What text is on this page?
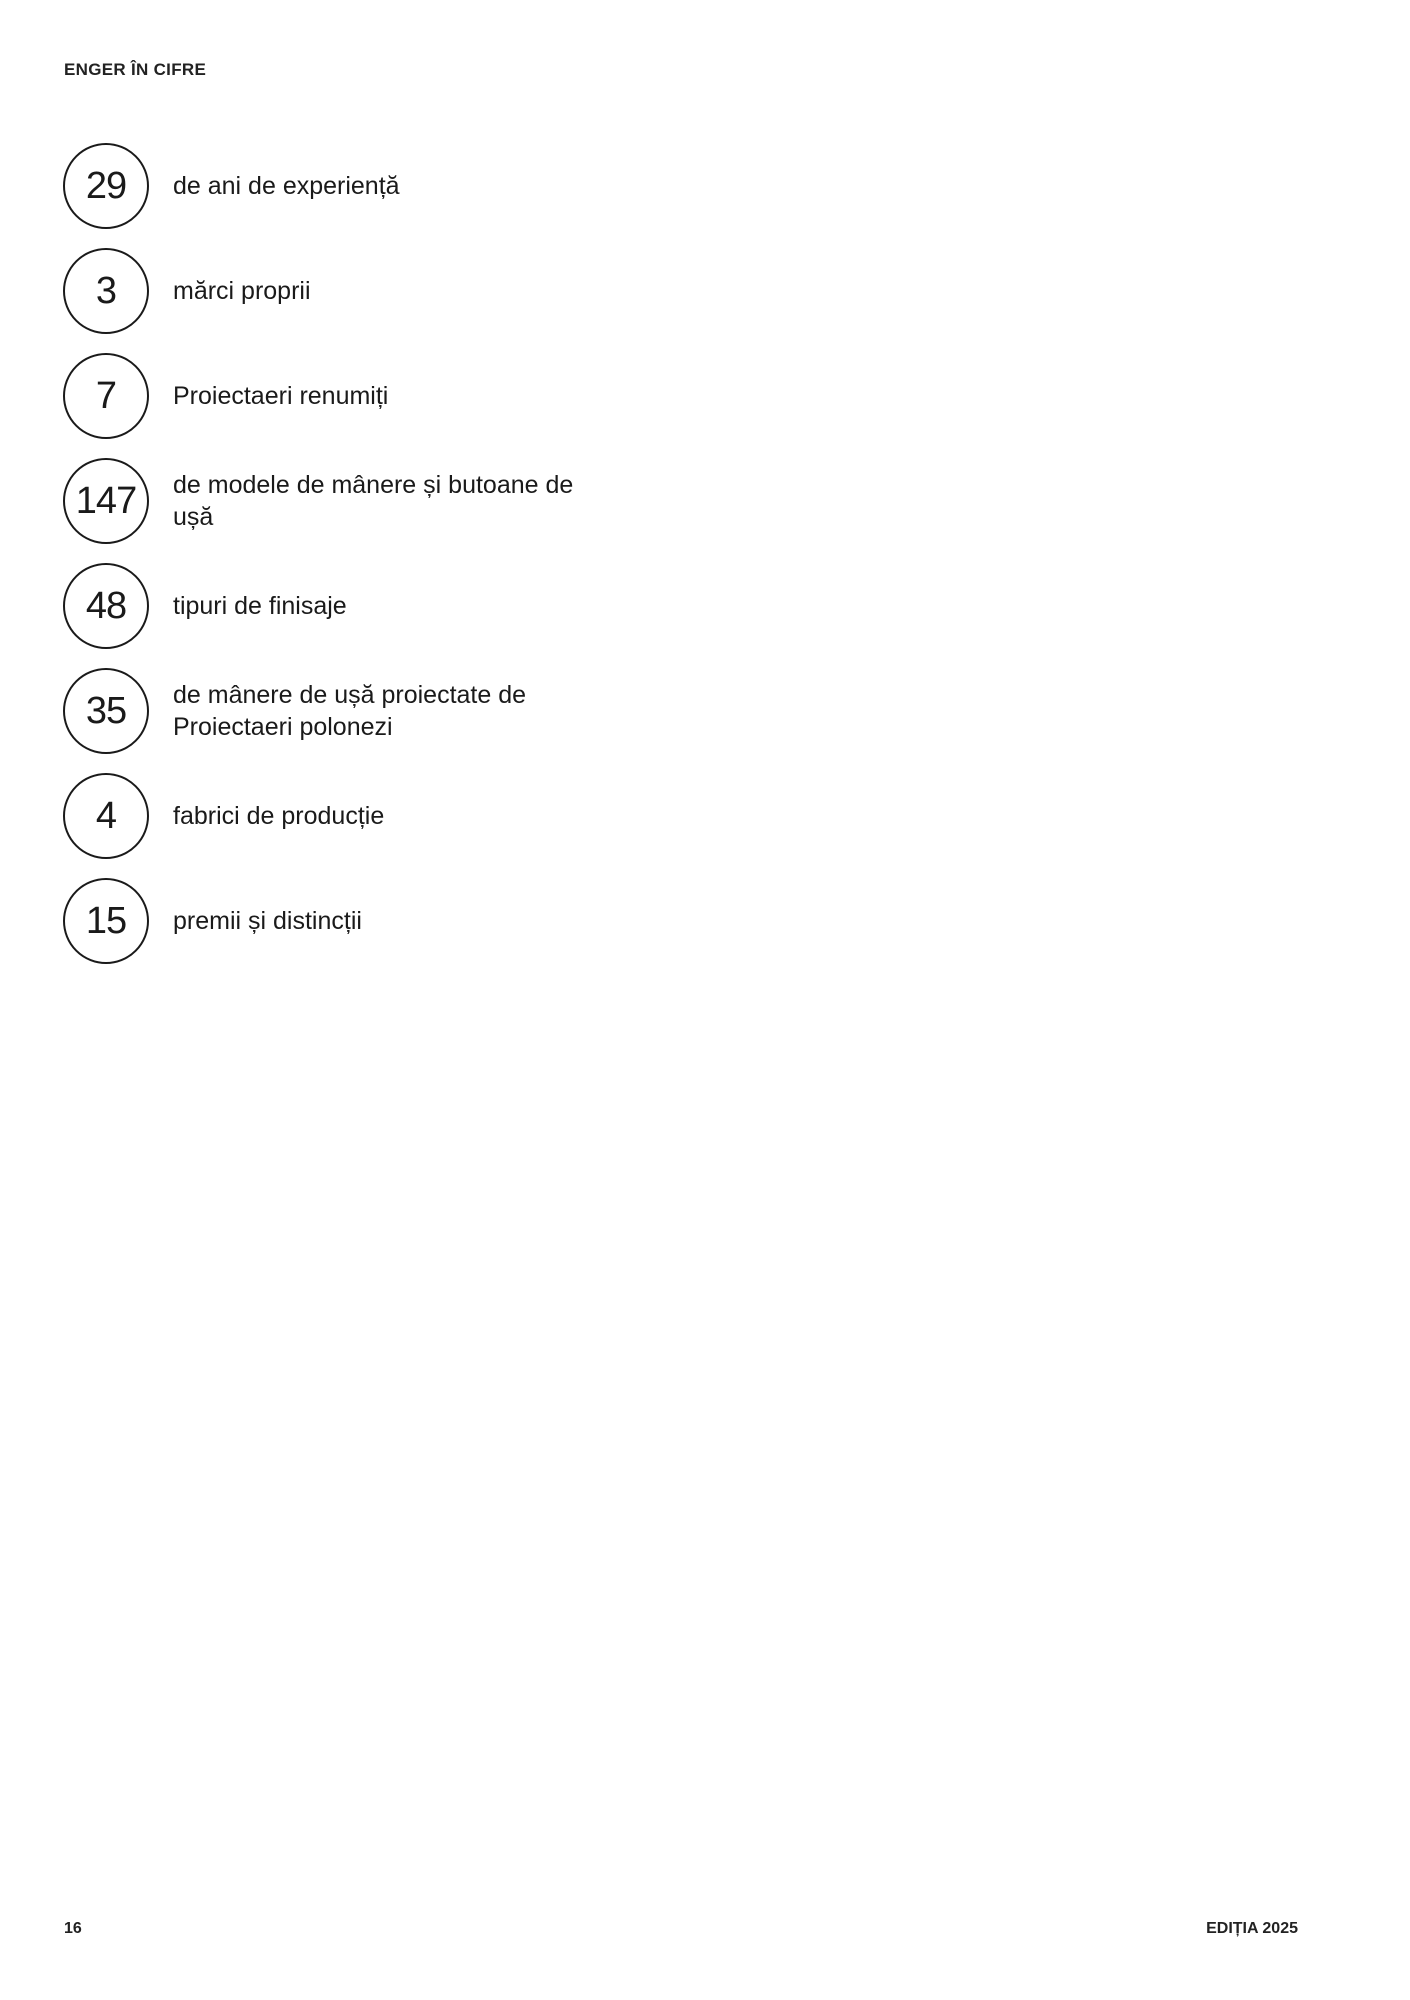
ENGER ÎN CIFRE
29 de ani de experiență
3 mărci proprii
7 Proiectaeri renumiți
147 de modele de mânere și butoane de ușă
48 tipuri de finisaje
35 de mânere de ușă proiectate de Proiectaeri polonezi
4 fabrici de producție
15 premii și distincții
16	EDIȚIA 2025
